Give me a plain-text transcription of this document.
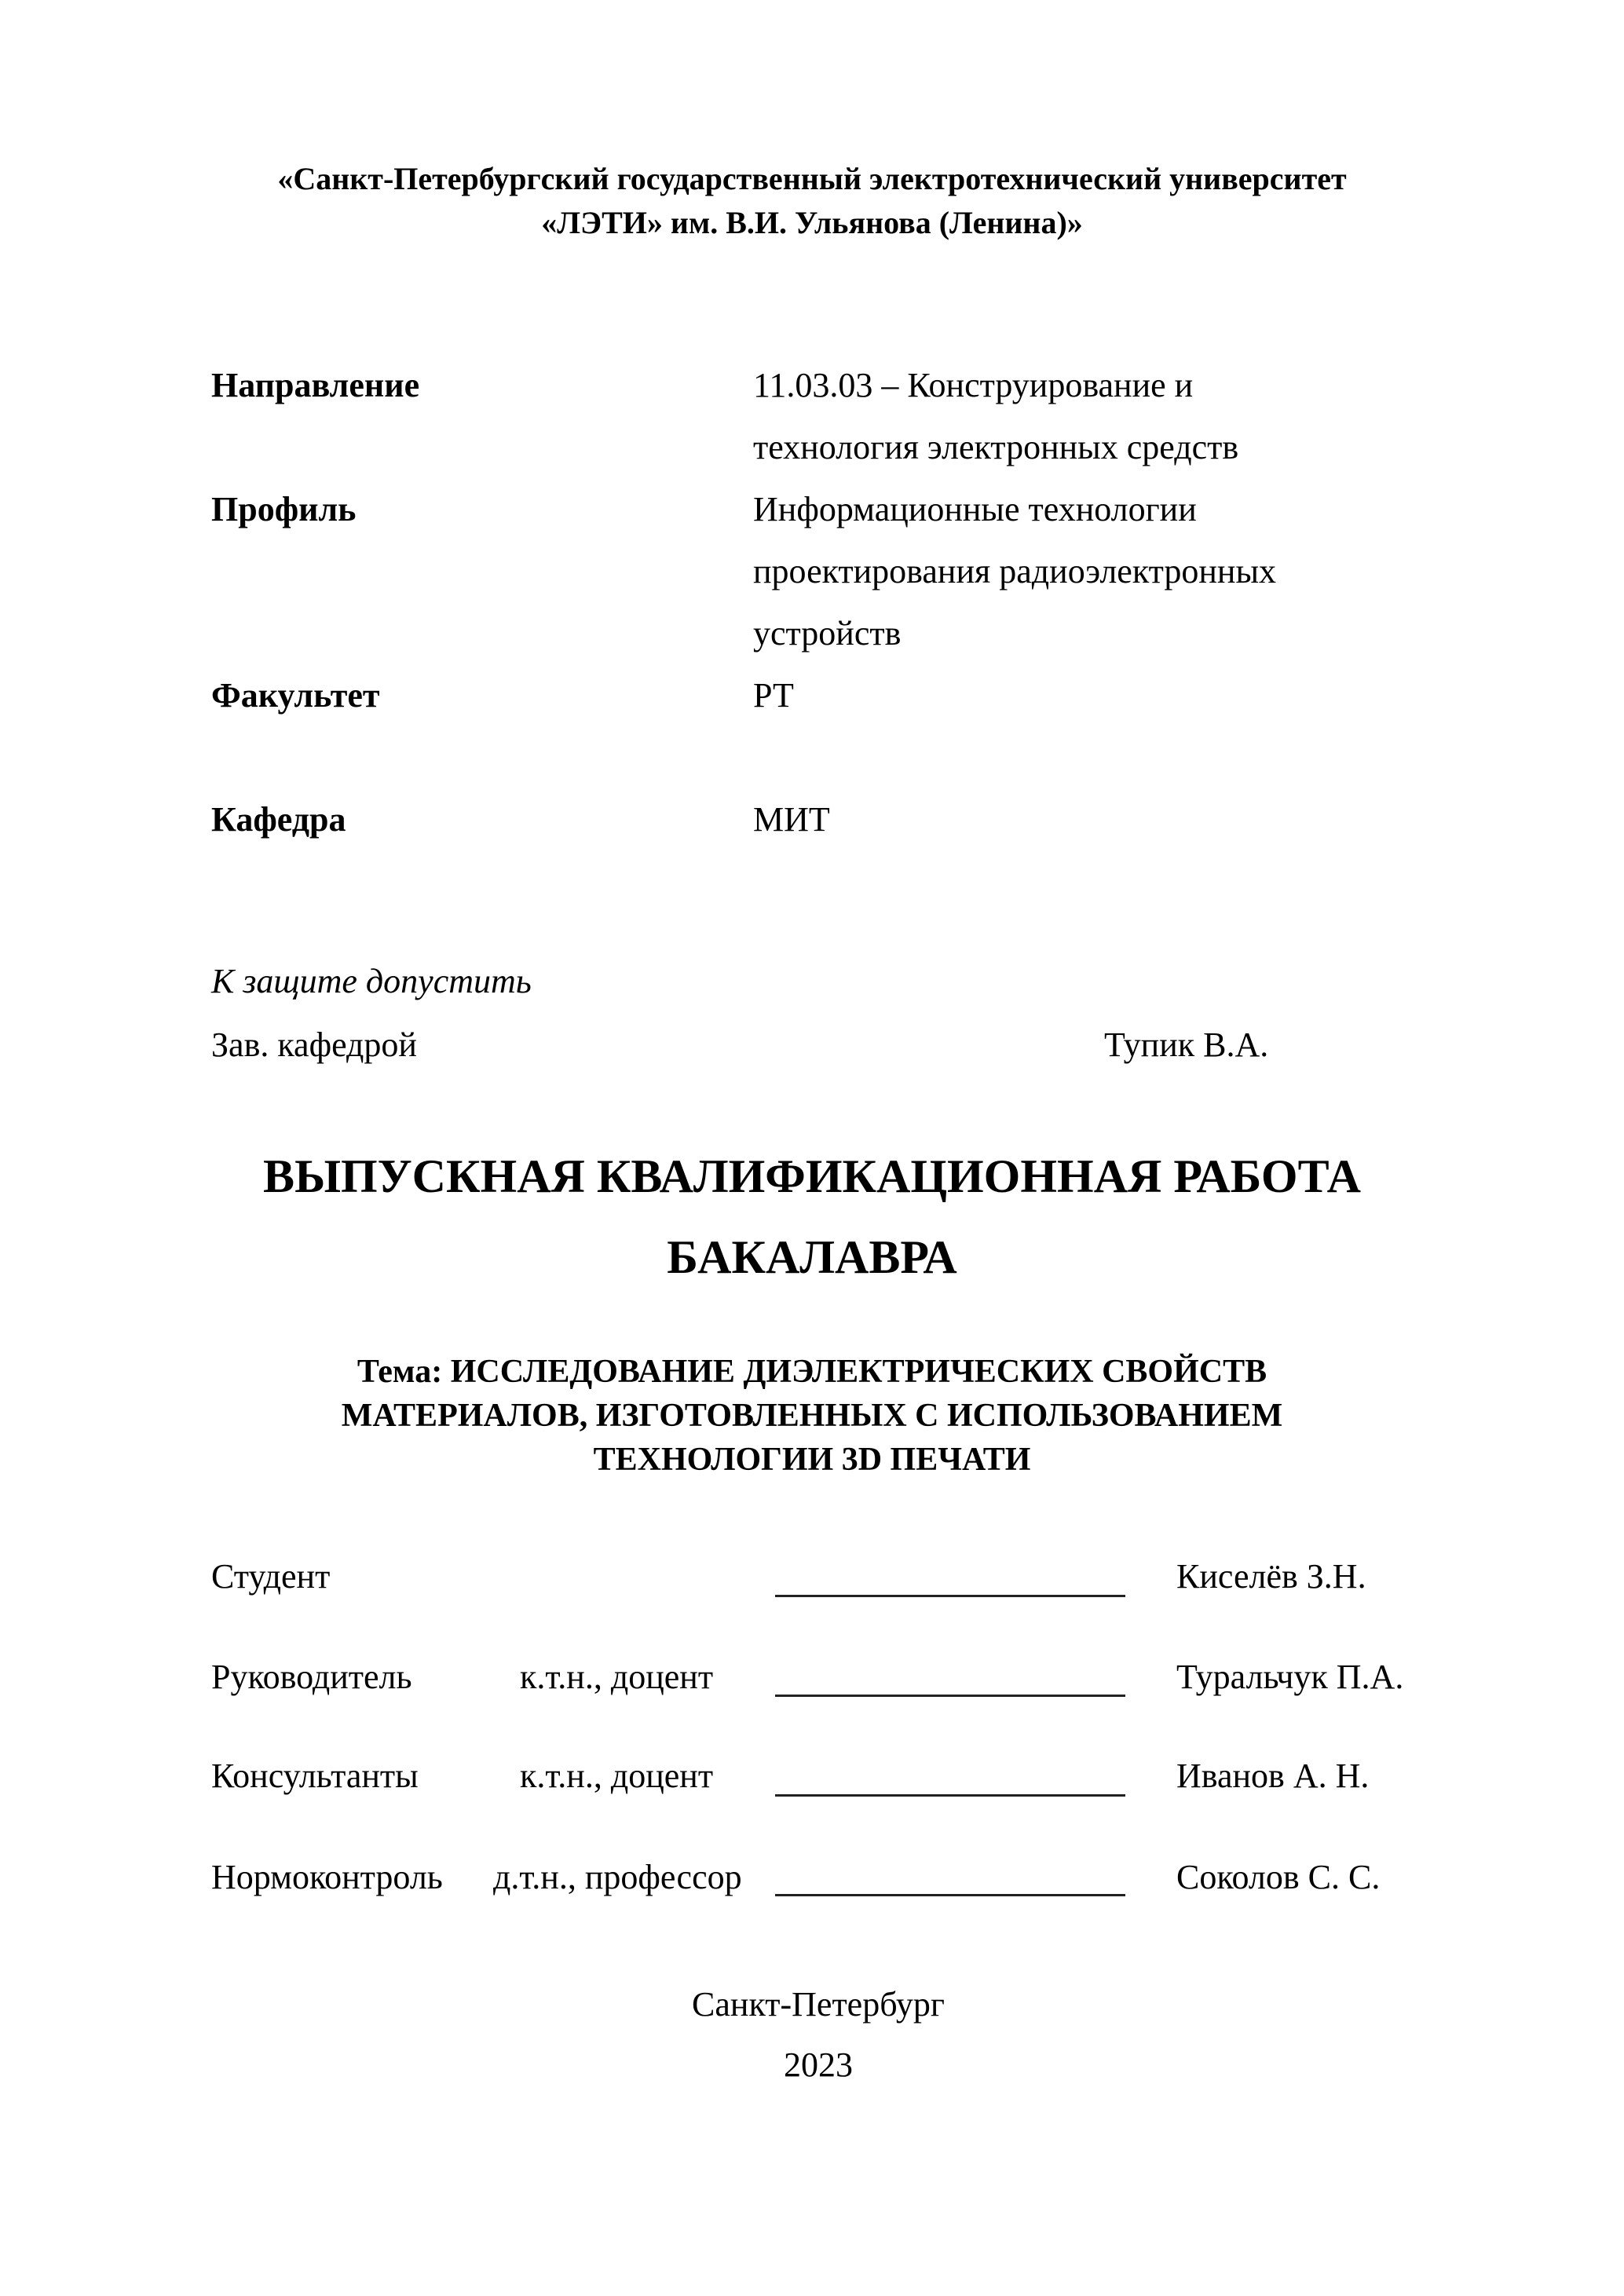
«Санкт-Петербургский государственный электротехнический университет
«ЛЭТИ» им. В.И. Ульянова (Ленина)»
Направление	11.03.03 – Конструирование и
технология электронных средств
Профиль	Информационные технологии
проектирования радиоэлектронных
устройств
Факультет	РТ
Кафедра	МИТ
К защите допустить
Зав. кафедрой	Тупик В.А.
ВЫПУСКНАЯ КВАЛИФИКАЦИОННАЯ РАБОТА
БАКАЛАВРА
Тема: ИССЛЕДОВАНИЕ ДИЭЛЕКТРИЧЕСКИХ СВОЙСТВ
МАТЕРИАЛОВ, ИЗГОТОВЛЕННЫХ С ИСПОЛЬЗОВАНИЕМ
ТЕХНОЛОГИИ 3D ПЕЧАТИ
Студент	Киселёв З.Н.
Руководитель	к.т.н., доцент	Туральчук П.А.
Консультанты	к.т.н., доцент	Иванов А. Н.
Нормоконтроль д.т.н., профессор	Соколов С. С.
Санкт-Петербург
2023
